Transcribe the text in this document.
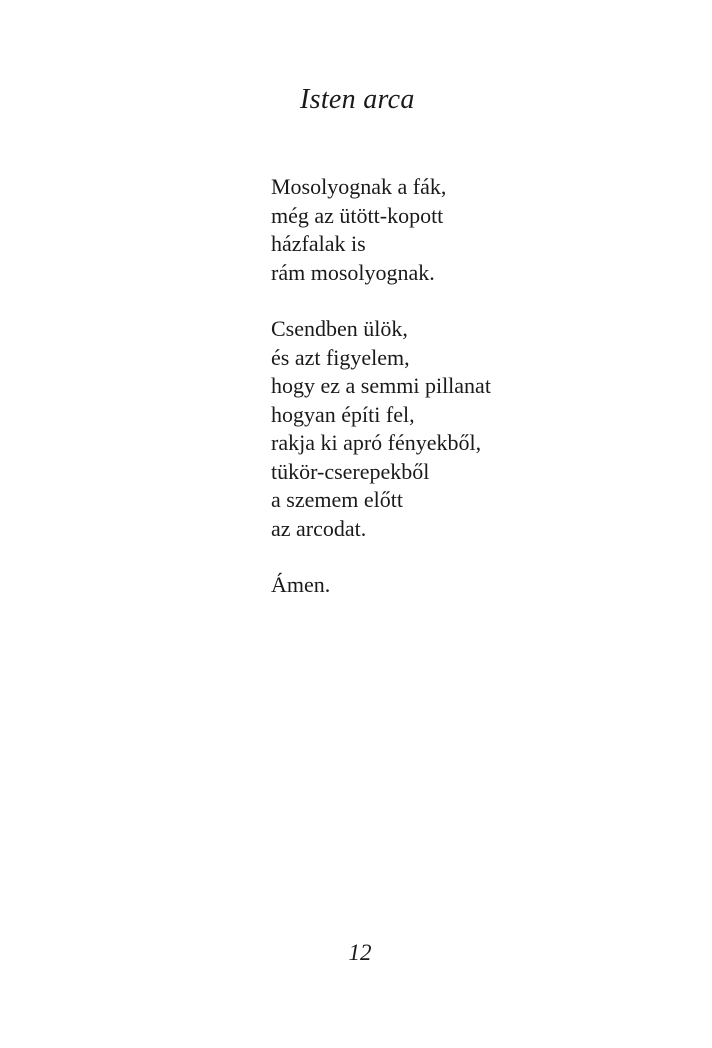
Isten arca
Mosolyognak a fák,
még az ütött-kopott
házfalak is
rám mosolyognak.
Csendben ülök,
és azt figyelem,
hogy ez a semmi pillanat
hogyan építi fel,
rakja ki apró fényekből,
tükör-cserepekből
a szemem előtt
az arcodat.
Ámen.
12
